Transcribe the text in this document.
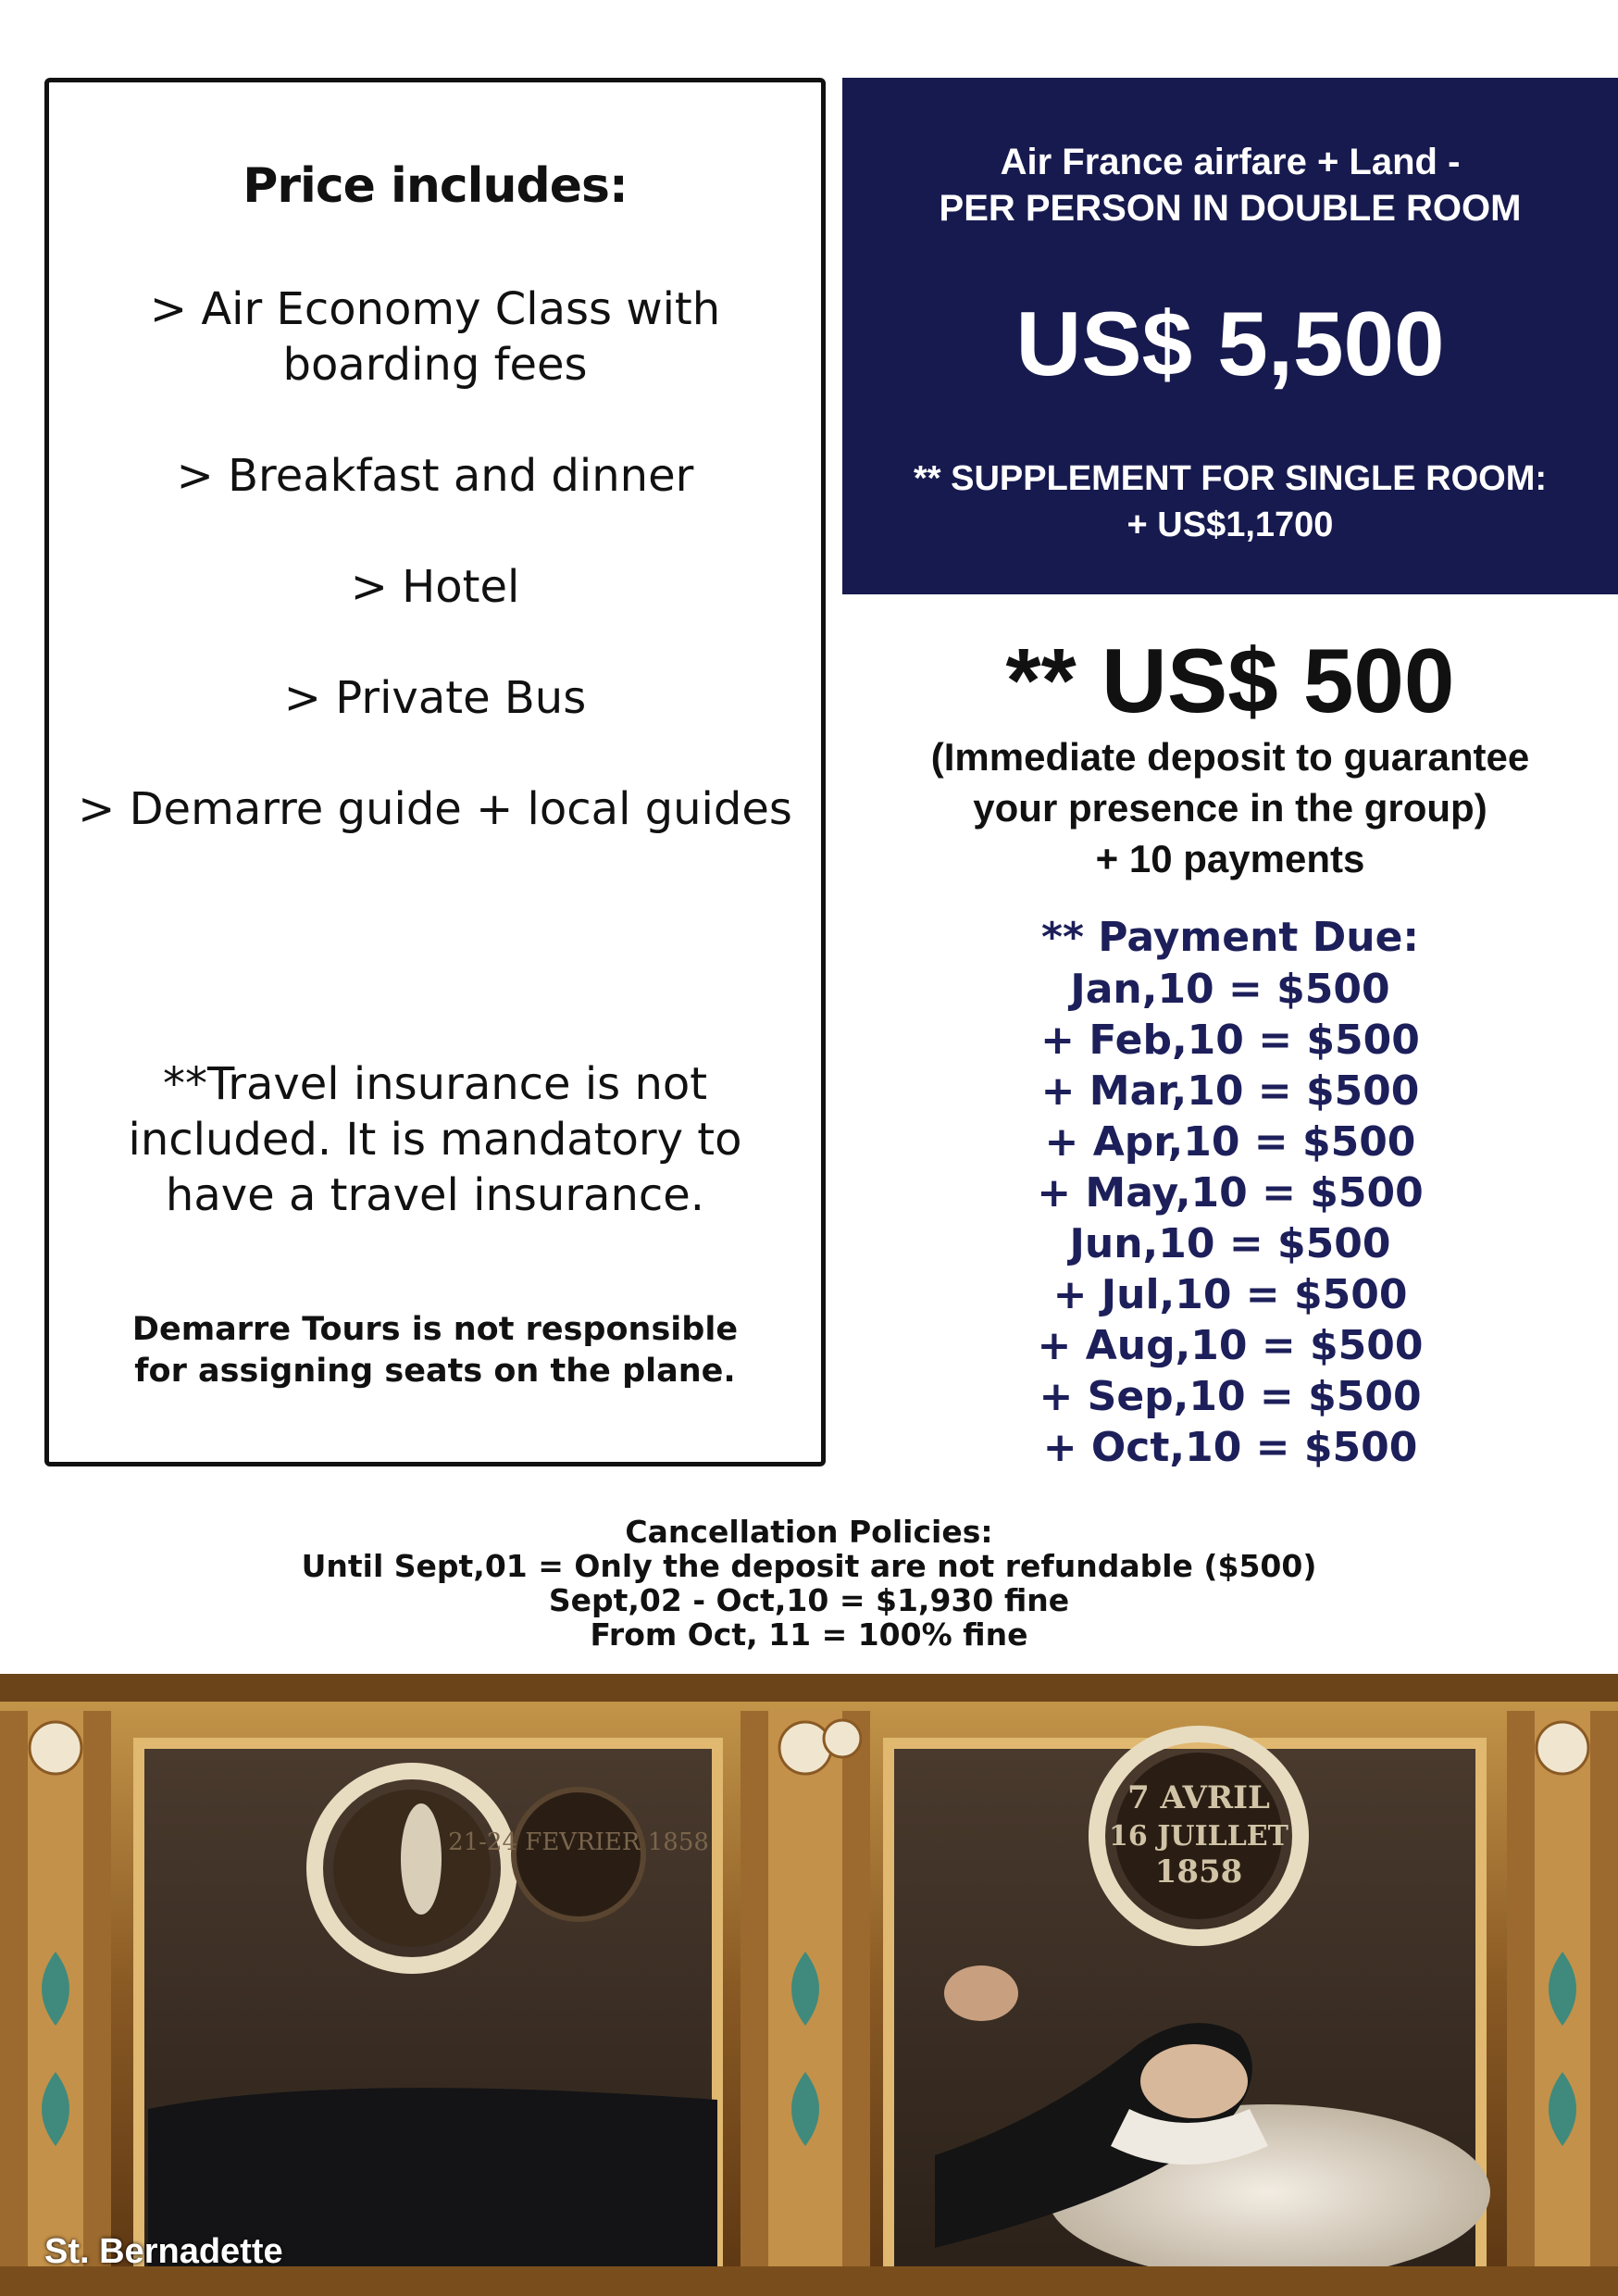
Price includes:
> Air Economy Class with boarding fees
> Breakfast and dinner
> Hotel
> Private Bus
> Demarre guide + local guides
**Travel insurance is not included. It is mandatory to have a travel insurance.
Demarre Tours is not responsible for assigning seats on the plane.
Air France airfare + Land -
PER PERSON IN DOUBLE ROOM
US$ 5,500
** SUPPLEMENT FOR SINGLE ROOM:
+ US$1,1700
** US$ 500
(Immediate deposit to guarantee
your presence in the group)
+ 10 payments
** Payment Due:
Jan,10 = $500
+ Feb,10 = $500
+ Mar,10 = $500
+ Apr,10 = $500
+ May,10 = $500
Jun,10 = $500
+ Jul,10 = $500
+ Aug,10 = $500
+ Sep,10 = $500
+ Oct,10 = $500
Cancellation Policies:
Until Sept,01 = Only the deposit are not refundable ($500)
Sept,02 - Oct,10 = $1,930 fine
From Oct, 11 = 100% fine
21-24 FEVRIER 1858
7 AVRIL
16 JUILLET
1858
St. Bernadette
